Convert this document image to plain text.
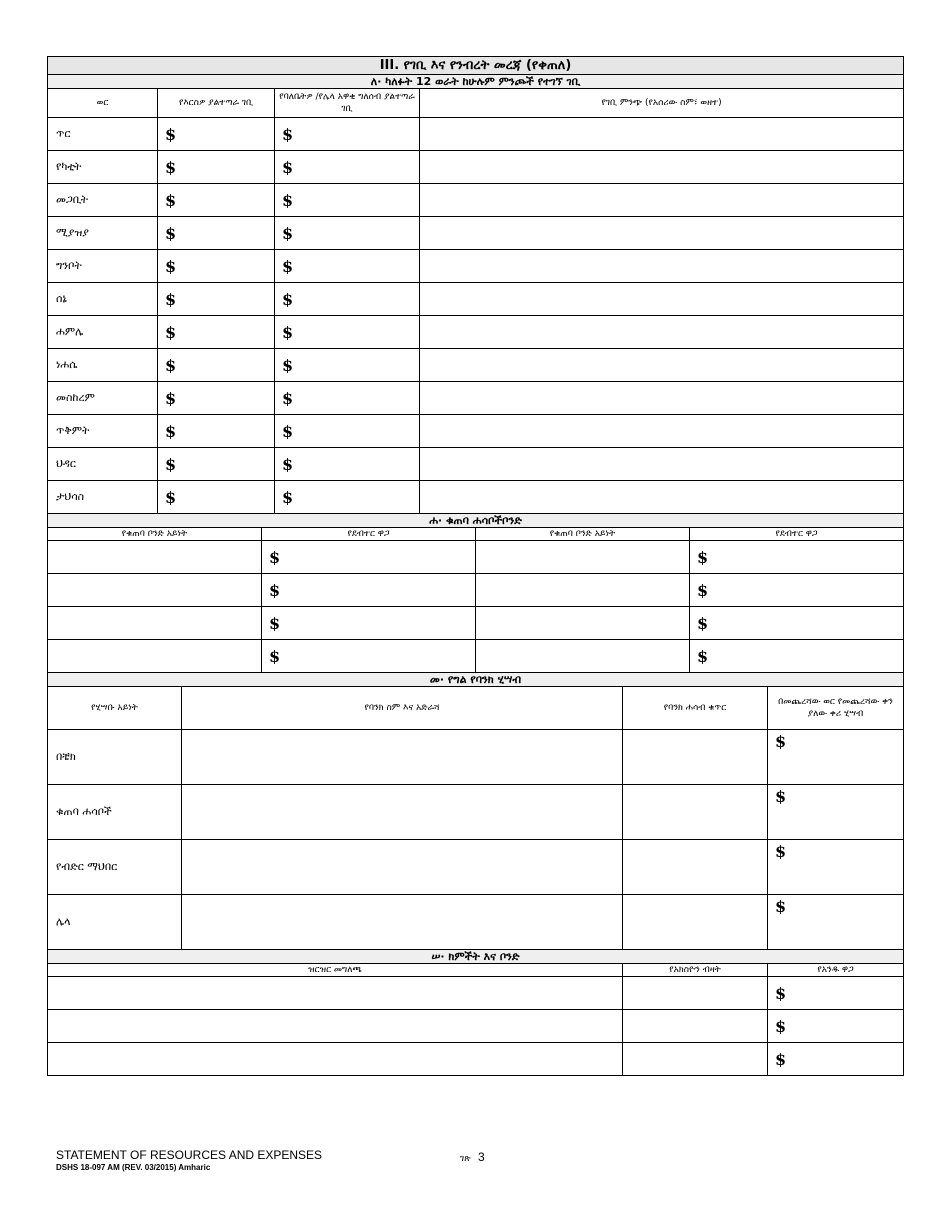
III. የገቢ እና የንብረት መረጃ (የቀጠለ)			
ለ· ካለፉት 12 ወራት ከሁሉም ምንጮች የተገኘ ገቢ			
ወር	የእርስዎ ያልተጣራ ገቢ	የባለቤትዎ /የሌላ አዋቂ ግለሰብ ያልተጣራ ገቢ	የገቢ ምንጭ (የአሰሪው ስም፣ ወዘተ)
ጥር	$	$	
የካቲት	$	$	
መጋቢት	$	$	
ሚያዝያ	$	$	
ግንቦት	$	$	
ሰኔ	$	$	
ሐምሌ	$	$	
ነሐሴ	$	$	
መስከረም	$	$	
ጥቅምት	$	$	
ህዳር	$	$	
ታህሳስ	$	$	
ሐ· ቁጠባ ሐሳቦችቦንድ			
የቁጠባ ቦንድ አይነት	የደብተር ዋጋ	የቁጠባ ቦንድ አይነት	የደብተር ዋጋ
	$		$
	$		$
	$		$
	$		$
መ· የግል የባንክ ሂሣብ			
የሂሣቡ አይነት	የባንክ ስም እና አድራሻ	የባንክ ሐሳብ ቁጥር	በመጨረሻው ወር የመጨረሻው ቀን ያለው ቀሪ ሂሣብ
በቼክ			$
ቁጠባ ሐሳቦች			$
የብድር ማህበር			$
ሌላ			$
ሠ· ክምችት እና ቦንድ		
ዝርዝር መግለጫ	የአክስዮን ብዛት	የአንዱ ዋጋ
		$
		$
		$
STATEMENT OF RESOURCES AND EXPENSES
DSHS 18-097 AM (REV. 03/2015) Amharic
ገጽ 3
